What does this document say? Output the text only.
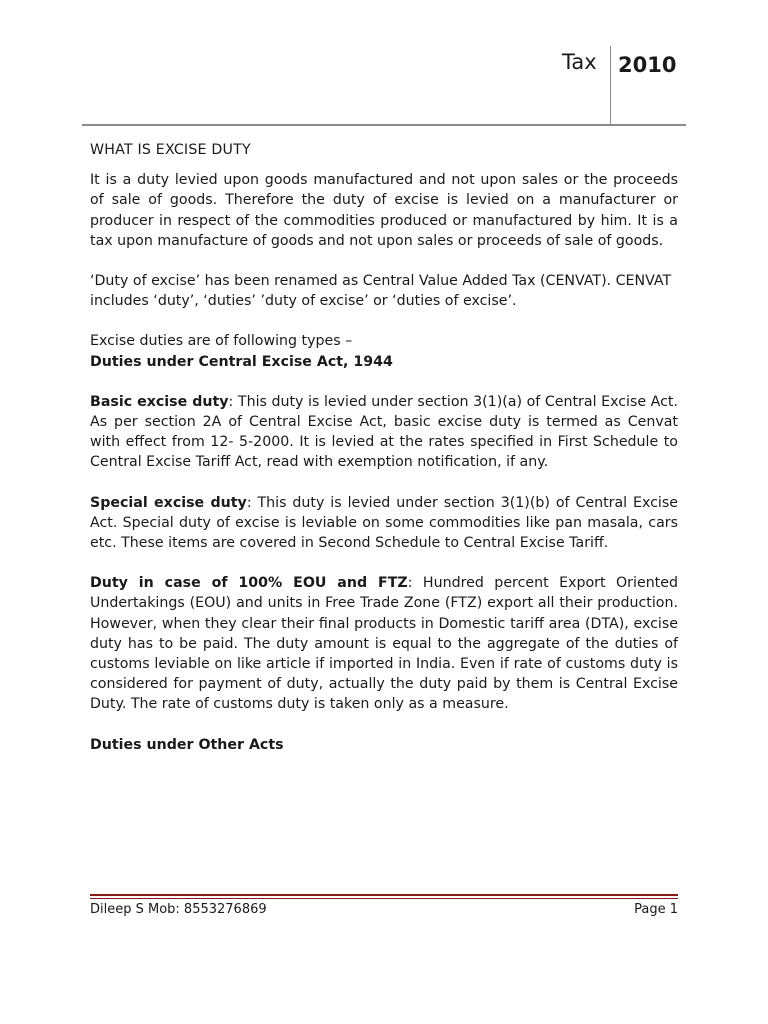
Tax 2010
WHAT IS EXCISE DUTY

It is a duty levied upon goods manufactured and not upon sales or the proceeds of sale of goods. Therefore the duty of excise is levied on a manufacturer or producer in respect of the commodities produced or manufactured by him. It is a tax upon manufacture of goods and not upon sales or proceeds of sale of goods.

‘Duty of excise’ has been renamed as Central Value Added Tax (CENVAT). CENVAT

includes ‘duty’, ‘duties’ ’duty of excise’ or ‘duties of excise’.

Excise duties are of following types –

Duties under Central Excise Act, 1944

Basic excise duty: This duty is levied under section 3(1)(a) of Central Excise Act. As per section 2A of Central Excise Act, basic excise duty is termed as Cenvat with effect from 12- 5-2000. It is levied at the rates specified in First Schedule to Central Excise Tariff Act, read with exemption notification, if any.

Special excise duty: This duty is levied under section 3(1)(b) of Central Excise Act. Special duty of excise is leviable on some commodities like pan masala, cars etc. These items are covered in Second Schedule to Central Excise Tariff.

Duty in case of 100% EOU and FTZ: Hundred percent Export Oriented Undertakings (EOU) and units in Free Trade Zone (FTZ) export all their production. However, when they clear their final products in Domestic tariff area (DTA), excise duty has to be paid. The duty amount is equal to the aggregate of the duties of customs leviable on like article if imported in India. Even if rate of customs duty is considered for payment of duty, actually the duty paid by them is Central Excise Duty. The rate of customs duty is taken only as a measure.

Duties under Other Acts
Dileep S Mob: 8553276869	Page 1
